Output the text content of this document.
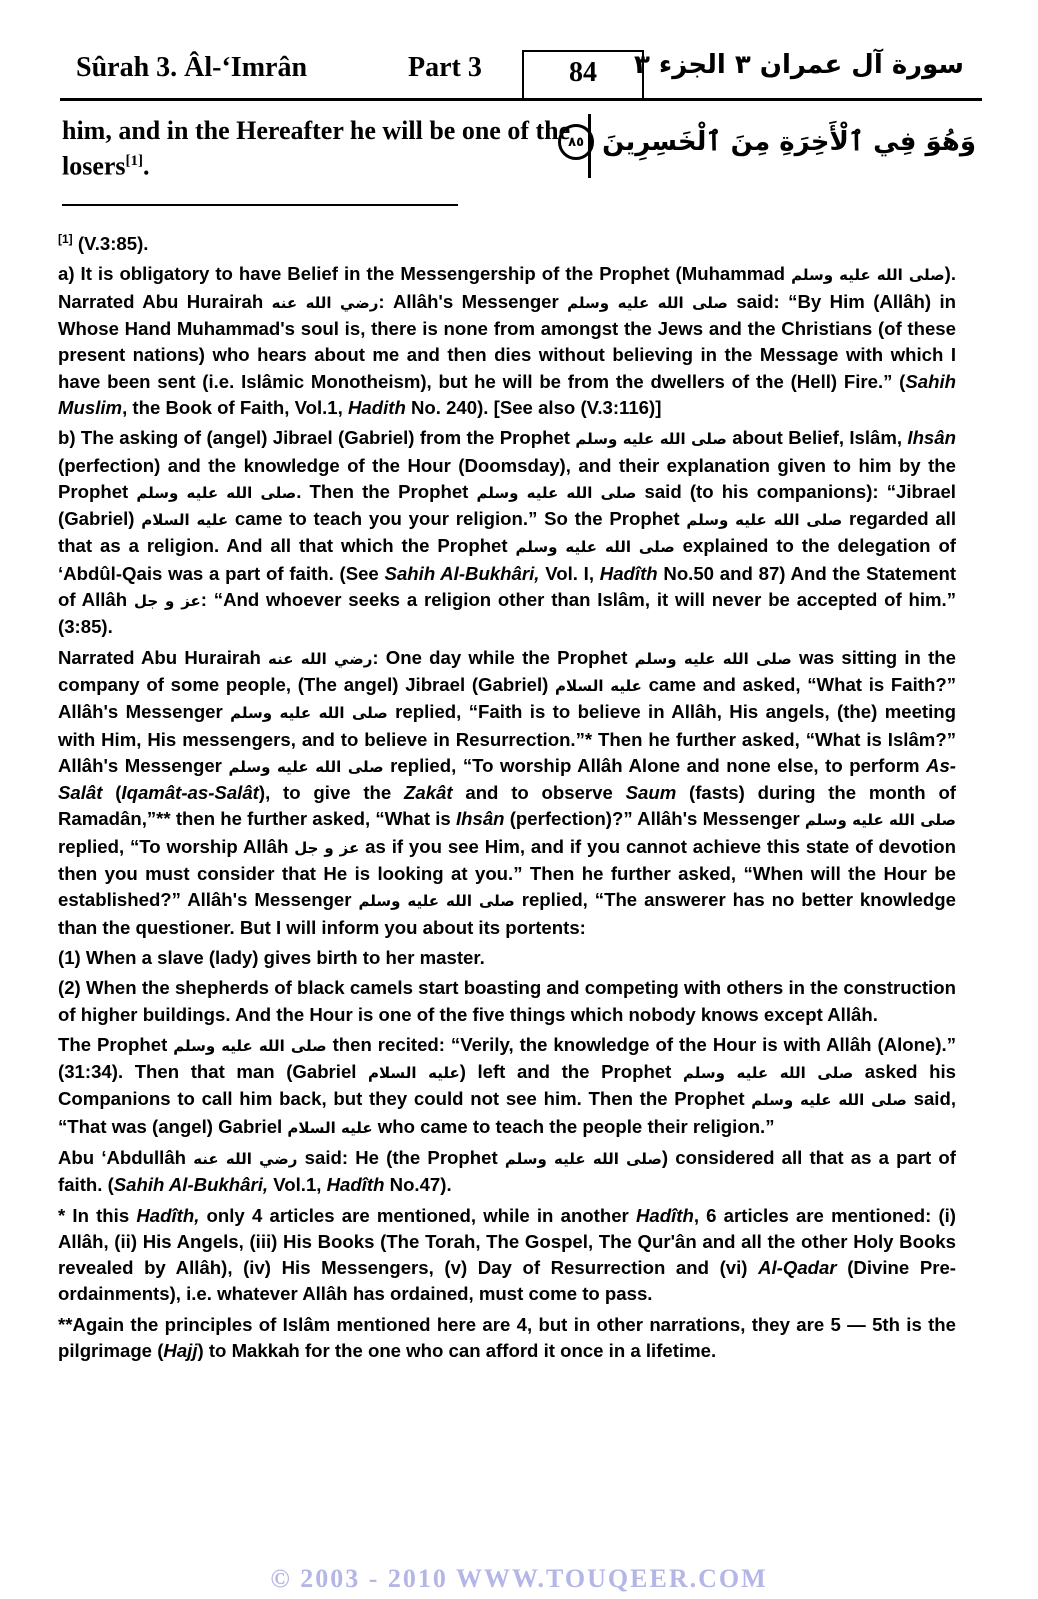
Sûrah 3. Âl-‘Imrân	Part 3	84	سورة آل عمران ٣ الجزء ٣
him, and in the Hereafter he will be one of the losers[1].
وَهُوَ فِي ٱلْأَخِرَةِ مِنَ ٱلْخَسِرِينَ
٨٥

[1] (V.3:85).

a) It is obligatory to have Belief in the Messengership of the Prophet (Muhammad صلى الله عليه وسلم). Narrated Abu Hurairah رضي الله عنه: Allâh's Messenger صلى الله عليه وسلم said: “By Him (Allâh) in Whose Hand Muhammad's soul is, there is none from amongst the Jews and the Christians (of these present nations) who hears about me and then dies without believing in the Message with which I have been sent (i.e. Islâmic Monotheism), but he will be from the dwellers of the (Hell) Fire.” (Sahih Muslim, the Book of Faith, Vol.1, Hadith No. 240). [See also (V.3:116)]

b) The asking of (angel) Jibrael (Gabriel) from the Prophet صلى الله عليه وسلم about Belief, Islâm, Ihsân (perfection) and the knowledge of the Hour (Doomsday), and their explanation given to him by the Prophet صلى الله عليه وسلم. Then the Prophet صلى الله عليه وسلم said (to his companions): “Jibrael (Gabriel) عليه السلام came to teach you your religion.” So the Prophet صلى الله عليه وسلم regarded all that as a religion. And all that which the Prophet صلى الله عليه وسلم explained to the delegation of ‘Abdûl-Qais was a part of faith. (See Sahih Al-Bukhâri, Vol. I, Hadîth No.50 and 87) And the Statement of Allâh عز و جل: “And whoever seeks a religion other than Islâm, it will never be accepted of him.” (3:85).

Narrated Abu Hurairah رضي الله عنه: One day while the Prophet صلى الله عليه وسلم was sitting in the company of some people, (The angel) Jibrael (Gabriel) عليه السلام came and asked, “What is Faith?” Allâh's Messenger صلى الله عليه وسلم replied, “Faith is to believe in Allâh, His angels, (the) meeting with Him, His messengers, and to believe in Resurrection.”* Then he further asked, “What is Islâm?” Allâh's Messenger صلى الله عليه وسلم replied, “To worship Allâh Alone and none else, to perform As-Salât (Iqamât-as-Salât), to give the Zakât and to observe Saum (fasts) during the month of Ramadân,”** then he further asked, “What is Ihsân (perfection)?” Allâh's Messenger صلى الله عليه وسلم replied, “To worship Allâh عز و جل as if you see Him, and if you cannot achieve this state of devotion then you must consider that He is looking at you.” Then he further asked, “When will the Hour be established?” Allâh's Messenger صلى الله عليه وسلم replied, “The answerer has no better knowledge than the questioner. But I will inform you about its portents:

(1) When a slave (lady) gives birth to her master.

(2) When the shepherds of black camels start boasting and competing with others in the construction of higher buildings. And the Hour is one of the five things which nobody knows except Allâh.

The Prophet صلى الله عليه وسلم then recited: “Verily, the knowledge of the Hour is with Allâh (Alone).” (31:34). Then that man (Gabriel عليه السلام) left and the Prophet صلى الله عليه وسلم asked his Companions to call him back, but they could not see him. Then the Prophet صلى الله عليه وسلم said, “That was (angel) Gabriel عليه السلام who came to teach the people their religion.”

Abu ‘Abdullâh رضي الله عنه said: He (the Prophet صلى الله عليه وسلم) considered all that as a part of faith. (Sahih Al-Bukhâri, Vol.1, Hadîth No.47).

* In this Hadîth, only 4 articles are mentioned, while in another Hadîth, 6 articles are mentioned: (i) Allâh, (ii) His Angels, (iii) His Books (The Torah, The Gospel, The Qur'ân and all the other Holy Books revealed by Allâh), (iv) His Messengers, (v) Day of Resurrection and (vi) Al-Qadar (Divine Pre-ordainments), i.e. whatever Allâh has ordained, must come to pass.

**Again the principles of Islâm mentioned here are 4, but in other narrations, they are 5 — 5th is the pilgrimage (Hajj) to Makkah for the one who can afford it once in a lifetime.

© 2003 - 2010 WWW.TOUQEER.COM
